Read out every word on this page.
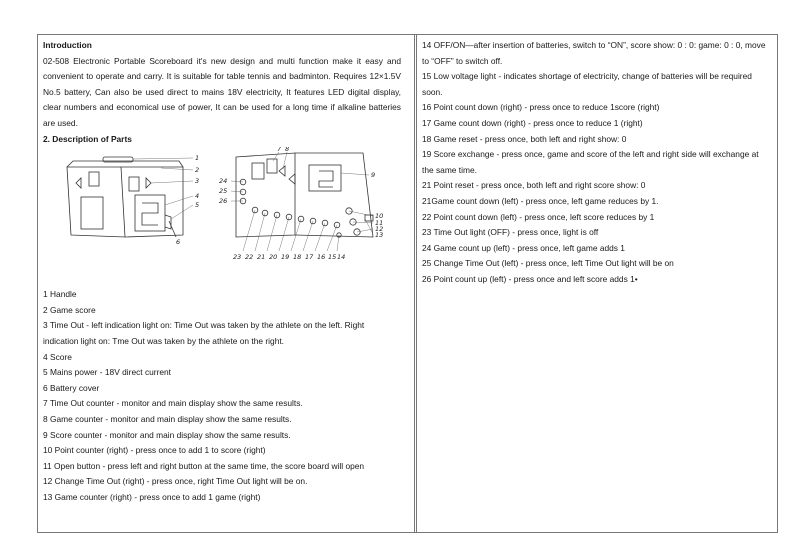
Introduction

02-508 Electronic Portable Scoreboard it's new design and multi function make it easy and convenient to operate and carry. It is suitable for table tennis and badminton. Requires 12×1.5V No.5 battery, Can also be used direct to mains 18V electricity, It features LED digital display, clear numbers and economical use of power, It can be used for a long time if alkaline batteries are used.

2. Description of Parts

1
2
3
4
5
6
7 8
9
24
25
26
10
11
12
13
23 22 21 20 19 18 17 16 15 14

1 Handle

2 Game score

3 Time Out - left indication light on: Time Out was taken by the athlete on the left. Right indication light on: Tme Out was taken by the athlete on the right.

4 Score

5 Mains power - 18V direct current

6 Battery cover

7 Time Out counter - monitor and main display show the same results.

8 Game counter - monitor and main display show the same results.

9 Score counter - monitor and main display show the same results.

10 Point counter (right) - press once to add 1 to score (right)

11 Open button - press left and right button at the same time, the score board will open

12 Change Time Out (right) - press once, right Time Out light will be on.

13 Game counter (right) - press once to add 1 game (right)

14 OFF/ON—after insertion of batteries, switch to “ON”, score show: 0 : 0: game: 0 : 0, move to “OFF” to switch off.

15 Low voltage light - indicates shortage of electricity, change of batteries will be required soon.

16 Point count down (right) - press once to reduce 1score (right)

17 Game count down (right) - press once to reduce 1 (right)

18 Game reset - press once, both left and right show: 0

19 Score exchange - press once, game and score of the left and right side will exchange at the same time.

21 Point reset - press once, both left and right score show: 0

21Game count down (left) - press once, left game reduces by 1.

22 Point count down (left) - press once, left score reduces by 1

23 Time Out light (OFF) - press once, light is off

24 Game count up (left) - press once, left game adds 1

25 Change Time Out (left) - press once, left Time Out light will be on

26 Point count up (left) - press once and left score adds 1•
